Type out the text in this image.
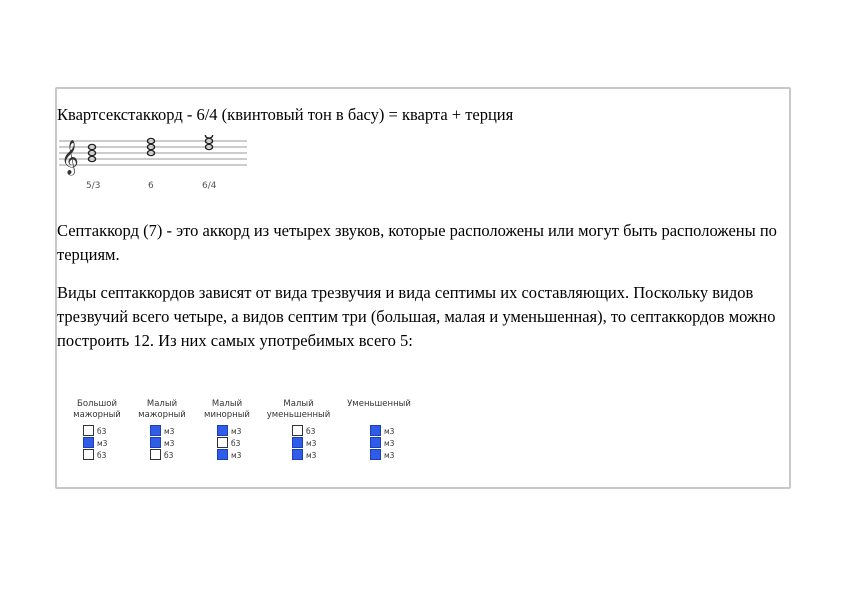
Квартсекстаккорд - 6/4 (квинтовый тон в басу) = кварта + терция
𝄞
5/3	6	6/4
Септаккорд (7) - это аккорд из четырех звуков, которые расположены или могут быть расположены по терциям.
Виды септаккордов зависят от вида трезвучия и вида септимы их составляющих. Поскольку видов трезвучий всего четыре, а видов септим три (большая, малая и уменьшенная), то септаккордов можно построить 12. Из них самых употребимых всего 5:
Большой
мажорный
б3
м3
б3
Малый
мажорный
м3
м3
б3
Малый
минорный
м3
б3
м3
Малый
уменьшенный
б3
м3
м3
Уменьшенный
м3
м3
м3
